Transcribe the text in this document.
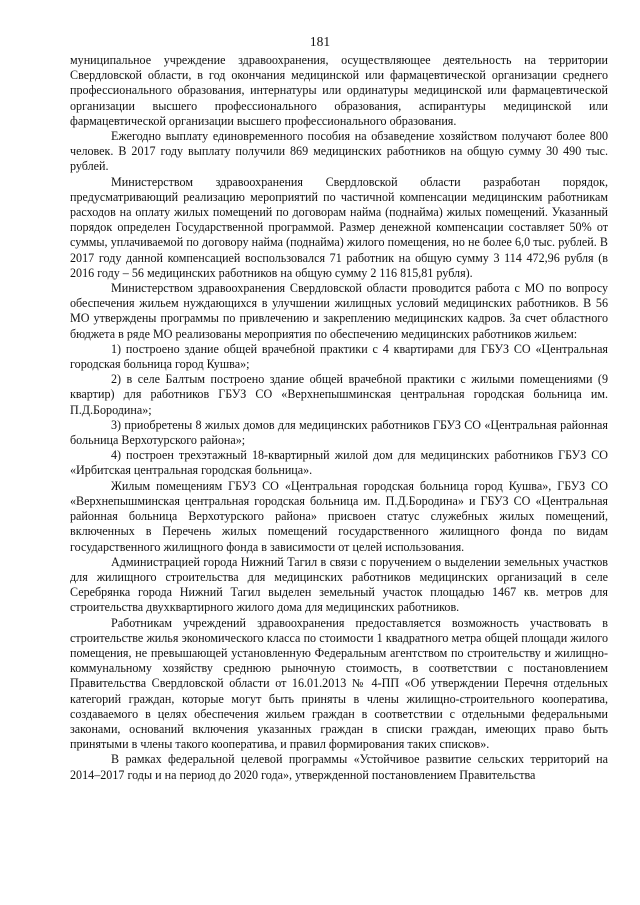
181

муниципальное учреждение здравоохранения, осуществляющее деятельность на территории Свердловской области, в год окончания медицинской или фармацевтической организации среднего профессионального образования, интернатуры или ординатуры медицинской или фармацевтической организации высшего профессионального образования, аспирантуры медицинской или фармацевтической организации высшего профессионального образования.

Ежегодно выплату единовременного пособия на обзаведение хозяйством получают более 800 человек. В 2017 году выплату получили 869 медицинских работников на общую сумму 30 490 тыс. рублей.

Министерством здравоохранения Свердловской области разработан порядок, предусматривающий реализацию мероприятий по частичной компенсации медицинским работникам расходов на оплату жилых помещений по договорам найма (поднайма) жилых помещений. Указанный порядок определен Государственной программой. Размер денежной компенсации составляет 50% от суммы, уплачиваемой по договору найма (поднайма) жилого помещения, но не более 6,0 тыс. рублей. В 2017 году данной компенсацией воспользовался 71 работник на общую сумму 3 114 472,96 рубля (в 2016 году – 56 медицинских работников на общую сумму 2 116 815,81 рубля).

Министерством здравоохранения Свердловской области проводится работа с МО по вопросу обеспечения жильем нуждающихся в улучшении жилищных условий медицинских работников. В 56 МО утверждены программы по привлечению и закреплению медицинских кадров. За счет областного бюджета в ряде МО реализованы мероприятия по обеспечению медицинских работников жильем:

1) построено здание общей врачебной практики с 4 квартирами для ГБУЗ СО «Центральная городская больница город Кушва»;

2) в селе Балтым построено здание общей врачебной практики с жилыми помещениями (9 квартир) для работников ГБУЗ СО «Верхнепышминская центральная городская больница им. П.Д.Бородина»;

3) приобретены 8 жилых домов для медицинских работников ГБУЗ СО «Центральная районная больница Верхотурского района»;

4) построен трехэтажный 18-квартирный жилой дом для медицинских работников ГБУЗ СО «Ирбитская центральная городская больница».

Жилым помещениям ГБУЗ СО «Центральная городская больница город Кушва», ГБУЗ СО «Верхнепышминская центральная городская больница им. П.Д.Бородина» и ГБУЗ СО «Центральная районная больница Верхотурского района» присвоен статус служебных жилых помещений, включенных в Перечень жилых помещений государственного жилищного фонда по видам государственного жилищного фонда в зависимости от целей использования.

Администрацией города Нижний Тагил в связи с поручением о выделении земельных участков для жилищного строительства для медицинских работников медицинских организаций в селе Серебрянка города Нижний Тагил выделен земельный участок площадью 1467 кв. метров для строительства двухквартирного жилого дома для медицинских работников.

Работникам учреждений здравоохранения предоставляется возможность участвовать в строительстве жилья экономического класса по стоимости 1 квадратного метра общей площади жилого помещения, не превышающей установленную Федеральным агентством по строительству и жилищно-коммунальному хозяйству среднюю рыночную стоимость, в соответствии с постановлением Правительства Свердловской области от 16.01.2013 № 4-ПП «Об утверждении Перечня отдельных категорий граждан, которые могут быть приняты в члены жилищно-строительного кооператива, создаваемого в целях обеспечения жильем граждан в соответствии с отдельными федеральными законами, оснований включения указанных граждан в списки граждан, имеющих право быть принятыми в члены такого кооператива, и правил формирования таких списков».

В рамках федеральной целевой программы «Устойчивое развитие сельских территорий на 2014–2017 годы и на период до 2020 года», утвержденной постановлением Правительства
